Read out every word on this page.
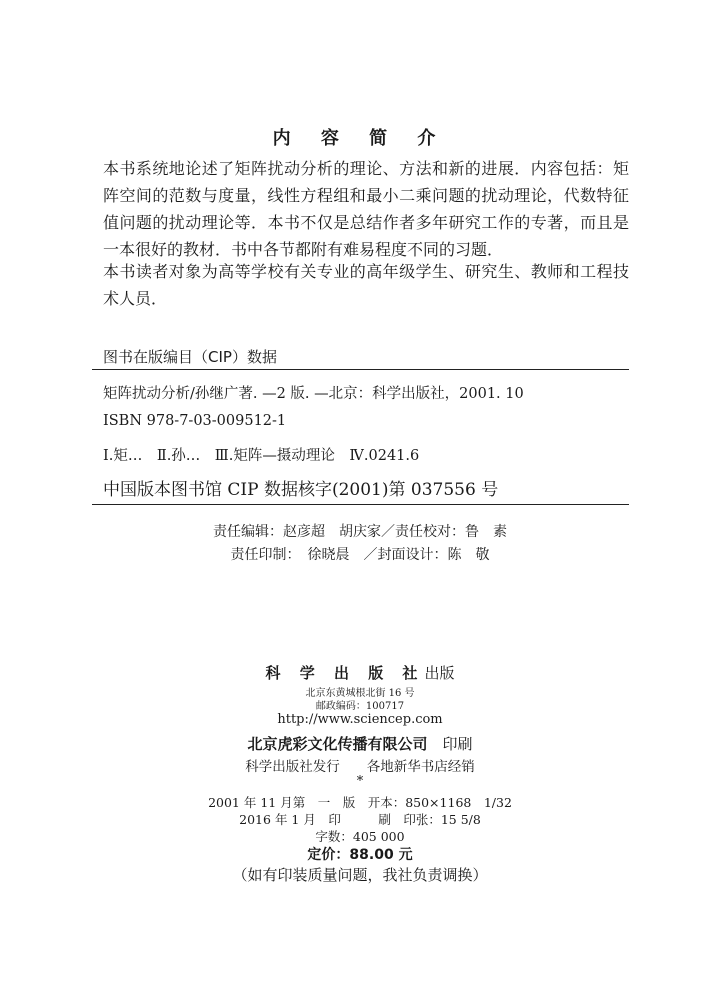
内 容 简 介

本书系统地论述了矩阵扰动分析的理论、方法和新的进展．内容包括：矩阵空间的范数与度量，线性方程组和最小二乘问题的扰动理论，代数特征值问题的扰动理论等．本书不仅是总结作者多年研究工作的专著，而且是一本很好的教材．书中各节都附有难易程度不同的习题．

本书读者对象为高等学校有关专业的高年级学生、研究生、教师和工程技术人员．

图书在版编目（CIP）数据
矩阵扰动分析/孙继广著. —2 版. —北京：科学出版社，2001. 10
ISBN 978-7-03-009512-1
Ⅰ.矩…　Ⅱ.孙…　Ⅲ.矩阵—摄动理论　Ⅳ.0241.6
中国版本图书馆 CIP 数据核字(2001)第 037556 号
责任编辑：赵彦超　胡庆家／责任校对：鲁　素
责任印制：　徐晓晨　／封面设计：陈　敬
科 学 出 版 社出版
北京东黄城根北街 16 号
邮政编码：100717
http://www.sciencep.com
北京虎彩文化传播有限公司　 印刷
科学出版社发行　　各地新华书店经销
*
2001 年 11 月第　一　版　开本：850×1168　1/32
2016 年 1 月　印　　　刷　印张：15 5/8
字数：405 000
定价：88.00 元
（如有印装质量问题，我社负责调换）
